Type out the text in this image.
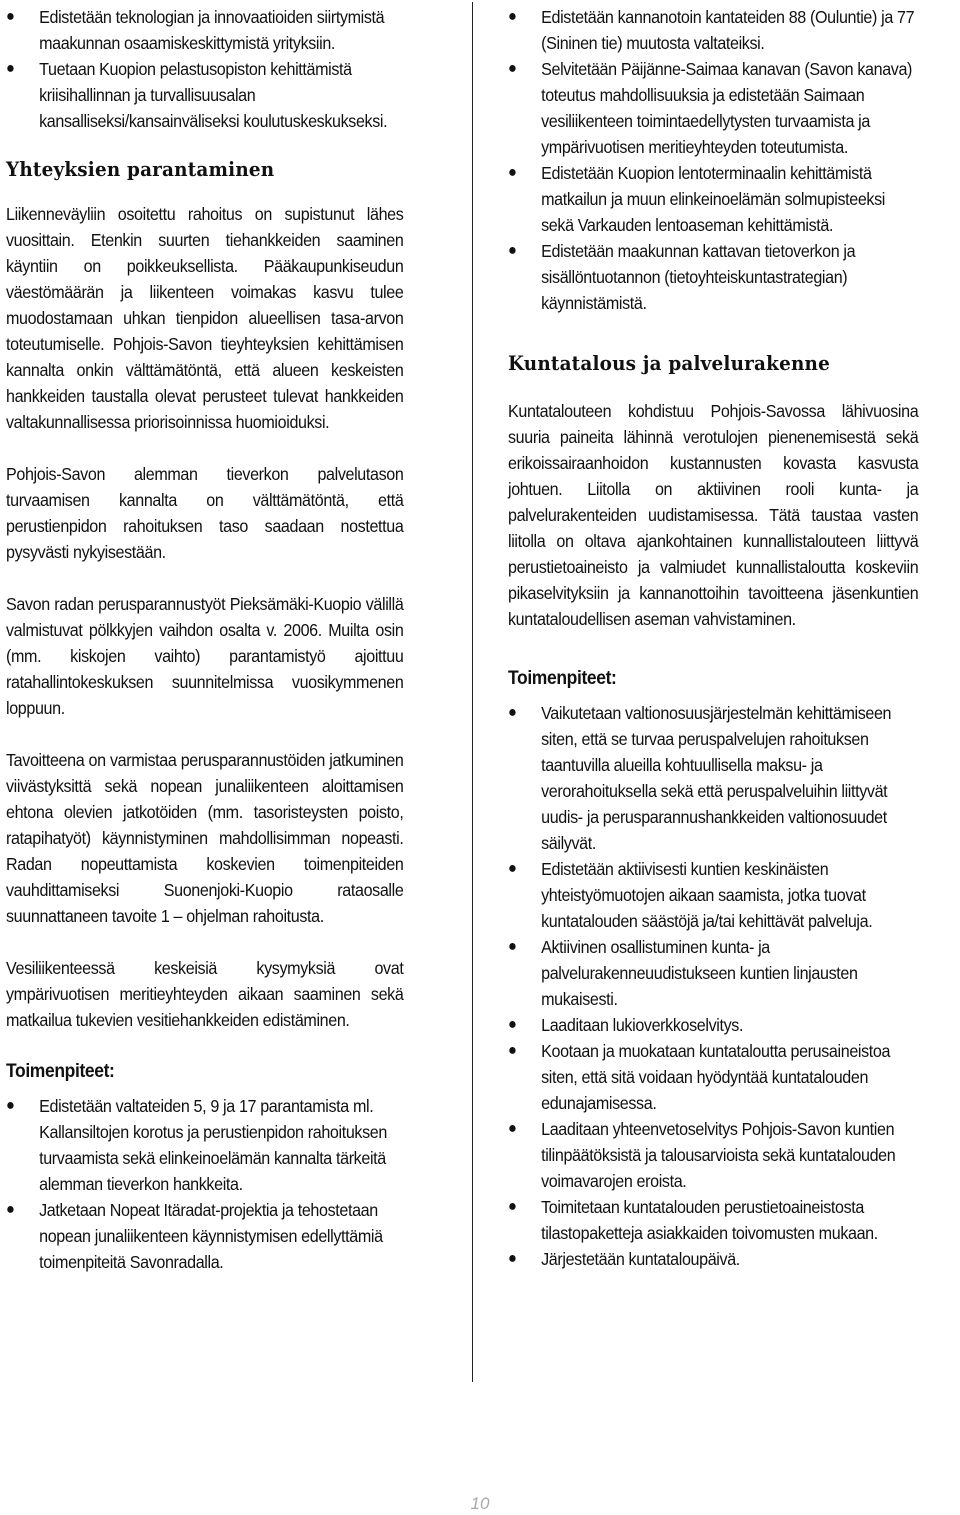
● Edistetään teknologian ja innovaatioiden siirtymistä maakunnan osaamiskeskittymistä yrityksiin.
● Tuetaan Kuopion pelastusopiston kehittämistä kriisihallinnan ja turvallisuusalan kansalliseksi/kansainväliseksi koulutuskeskukseksi.
Yhteyksien parantaminen

Liikenneväyliin osoitettu rahoitus on supistunut lähes vuosittain. Etenkin suurten tiehankkeiden saaminen käyntiin on poikkeuksellista. Pääkaupunkiseudun väestömäärän ja liikenteen voimakas kasvu tulee muodostamaan uhkan tienpidon alueellisen tasa-arvon toteutumiselle. Pohjois-Savon tieyhteyksien kehittämisen kannalta onkin välttämätöntä, että alueen keskeisten hankkeiden taustalla olevat perusteet tulevat hankkeiden valtakunnallisessa priorisoinnissa huomioiduksi.

Pohjois-Savon alemman tieverkon palvelutason turvaamisen kannalta on välttämätöntä, että perustienpidon rahoituksen taso saadaan nostettua pysyvästi nykyisestään.

Savon radan perusparannustyöt Pieksämäki-Kuopio välillä valmistuvat pölkkyjen vaihdon osalta v. 2006. Muilta osin (mm. kiskojen vaihto) parantamistyö ajoittuu ratahallintokeskuksen suunnitelmissa vuosikymmenen loppuun.

Tavoitteena on varmistaa perusparannustöiden jatkuminen viivästyksittä sekä nopean junaliikenteen aloittamisen ehtona olevien jatkotöiden (mm. tasoristeysten poisto, ratapihatyöt) käynnistyminen mahdollisimman nopeasti. Radan nopeuttamista koskevien toimenpiteiden vauhdittamiseksi Suonenjoki-Kuopio rataosalle suunnattaneen tavoite 1 – ohjelman rahoitusta.

Vesiliikenteessä keskeisiä kysymyksiä ovat ympärivuotisen meritieyhteyden aikaan saaminen sekä matkailua tukevien vesitiehankkeiden edistäminen.

Toimenpiteet:
● Edistetään valtateiden 5, 9 ja 17 parantamista ml. Kallansiltojen korotus ja perustienpidon rahoituksen turvaamista sekä elinkeinoelämän kannalta tärkeitä alemman tieverkon hankkeita.
● Jatketaan Nopeat Itäradat-projektia ja tehostetaan nopean junaliikenteen käynnistymisen edellyttämiä toimenpiteitä Savonradalla.
● Edistetään kannanotoin kantateiden 88 (Ouluntie) ja 77 (Sininen tie) muutosta valtateiksi.
● Selvitetään Päijänne-Saimaa kanavan (Savon kanava) toteutus mahdollisuuksia ja edistetään Saimaan vesiliikenteen toimintaedellytysten turvaamista ja ympärivuotisen meritieyhteyden toteutumista.
● Edistetään Kuopion lentoterminaalin kehittämistä matkailun ja muun elinkeinoelämän solmupisteeksi sekä Varkauden lentoaseman kehittämistä.
● Edistetään maakunnan kattavan tietoverkon ja sisällöntuotannon (tietoyhteiskuntastrategian) käynnistämistä.
Kuntatalous ja palvelurakenne

Kuntatalouteen kohdistuu Pohjois-Savossa lähivuosina suuria paineita lähinnä verotulojen pienenemisestä sekä erikoissairaanhoidon kustannusten kovasta kasvusta johtuen. Liitolla on aktiivinen rooli kunta- ja palvelurakenteiden uudistamisessa. Tätä taustaa vasten liitolla on oltava ajankohtainen kunnallistalouteen liittyvä perustietoaineisto ja valmiudet kunnallistaloutta koskeviin pikaselvityksiin ja kannanottoihin tavoitteena jäsenkuntien kuntataloudellisen aseman vahvistaminen.

Toimenpiteet:
● Vaikutetaan valtionosuusjärjestelmän kehittämiseen siten, että se turvaa peruspalvelujen rahoituksen taantuvilla alueilla kohtuullisella maksu- ja verorahoituksella sekä että peruspalveluihin liittyvät uudis- ja perusparannushankkeiden valtionosuudet säilyvät.
● Edistetään aktiivisesti kuntien keskinäisten yhteistyömuotojen aikaan saamista, jotka tuovat kuntatalouden säästöjä ja/tai kehittävät palveluja.
● Aktiivinen osallistuminen kunta- ja palvelurakenneuudistukseen kuntien linjausten mukaisesti.
● Laaditaan lukioverkkoselvitys.
● Kootaan ja muokataan kuntataloutta perusaineistoa siten, että sitä voidaan hyödyntää kuntatalouden edunajamisessa.
● Laaditaan yhteenvetoselvitys Pohjois-Savon kuntien tilinpäätöksistä ja talousarvioista sekä kuntatalouden voimavarojen eroista.
● Toimitetaan kuntatalouden perustietoaineistosta tilastopaketteja asiakkaiden toivomusten mukaan.
● Järjestetään kuntataloupäivä.
10
